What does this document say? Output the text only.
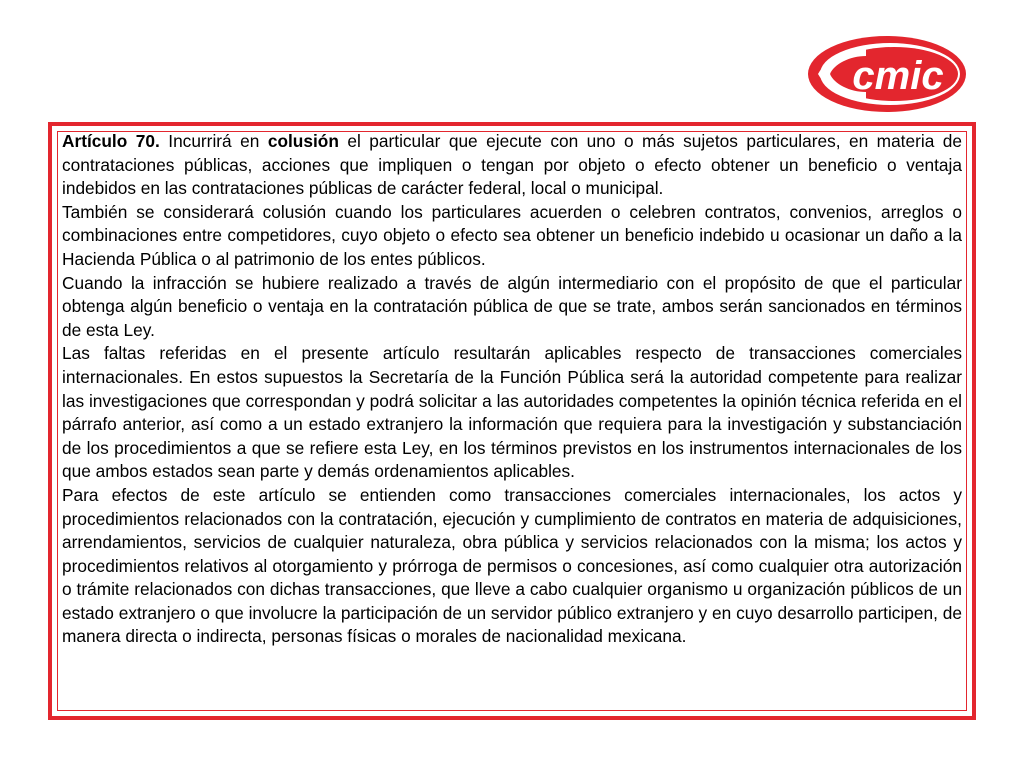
cmic

Artículo 70. Incurrirá en colusión el particular que ejecute con uno o más sujetos particulares, en materia de contrataciones públicas, acciones que impliquen o tengan por objeto o efecto obtener un beneficio o ventaja indebidos en las contrataciones públicas de carácter federal, local o municipal.

También se considerará colusión cuando los particulares acuerden o celebren contratos, convenios, arreglos o combinaciones entre competidores, cuyo objeto o efecto sea obtener un beneficio indebido u ocasionar un daño a la Hacienda Pública o al patrimonio de los entes públicos.

Cuando la infracción se hubiere realizado a través de algún intermediario con el propósito de que el particular obtenga algún beneficio o ventaja en la contratación pública de que se trate, ambos serán sancionados en términos de esta Ley.

Las faltas referidas en el presente artículo resultarán aplicables respecto de transacciones comerciales internacionales. En estos supuestos la Secretaría de la Función Pública será la autoridad competente para realizar las investigaciones que correspondan y podrá solicitar a las autoridades competentes la opinión técnica referida en el párrafo anterior, así como a un estado extranjero la información que requiera para la investigación y substanciación de los procedimientos a que se refiere esta Ley, en los términos previstos en los instrumentos internacionales de los que ambos estados sean parte y demás ordenamientos aplicables.

Para efectos de este artículo se entienden como transacciones comerciales internacionales, los actos y procedimientos relacionados con la contratación, ejecución y cumplimiento de contratos en materia de adquisiciones, arrendamientos, servicios de cualquier naturaleza, obra pública y servicios relacionados con la misma; los actos y procedimientos relativos al otorgamiento y prórroga de permisos o concesiones, así como cualquier otra autorización o trámite relacionados con dichas transacciones, que lleve a cabo cualquier organismo u organización públicos de un estado extranjero o que involucre la participación de un servidor público extranjero y en cuyo desarrollo participen, de manera directa o indirecta, personas físicas o morales de nacionalidad mexicana.
